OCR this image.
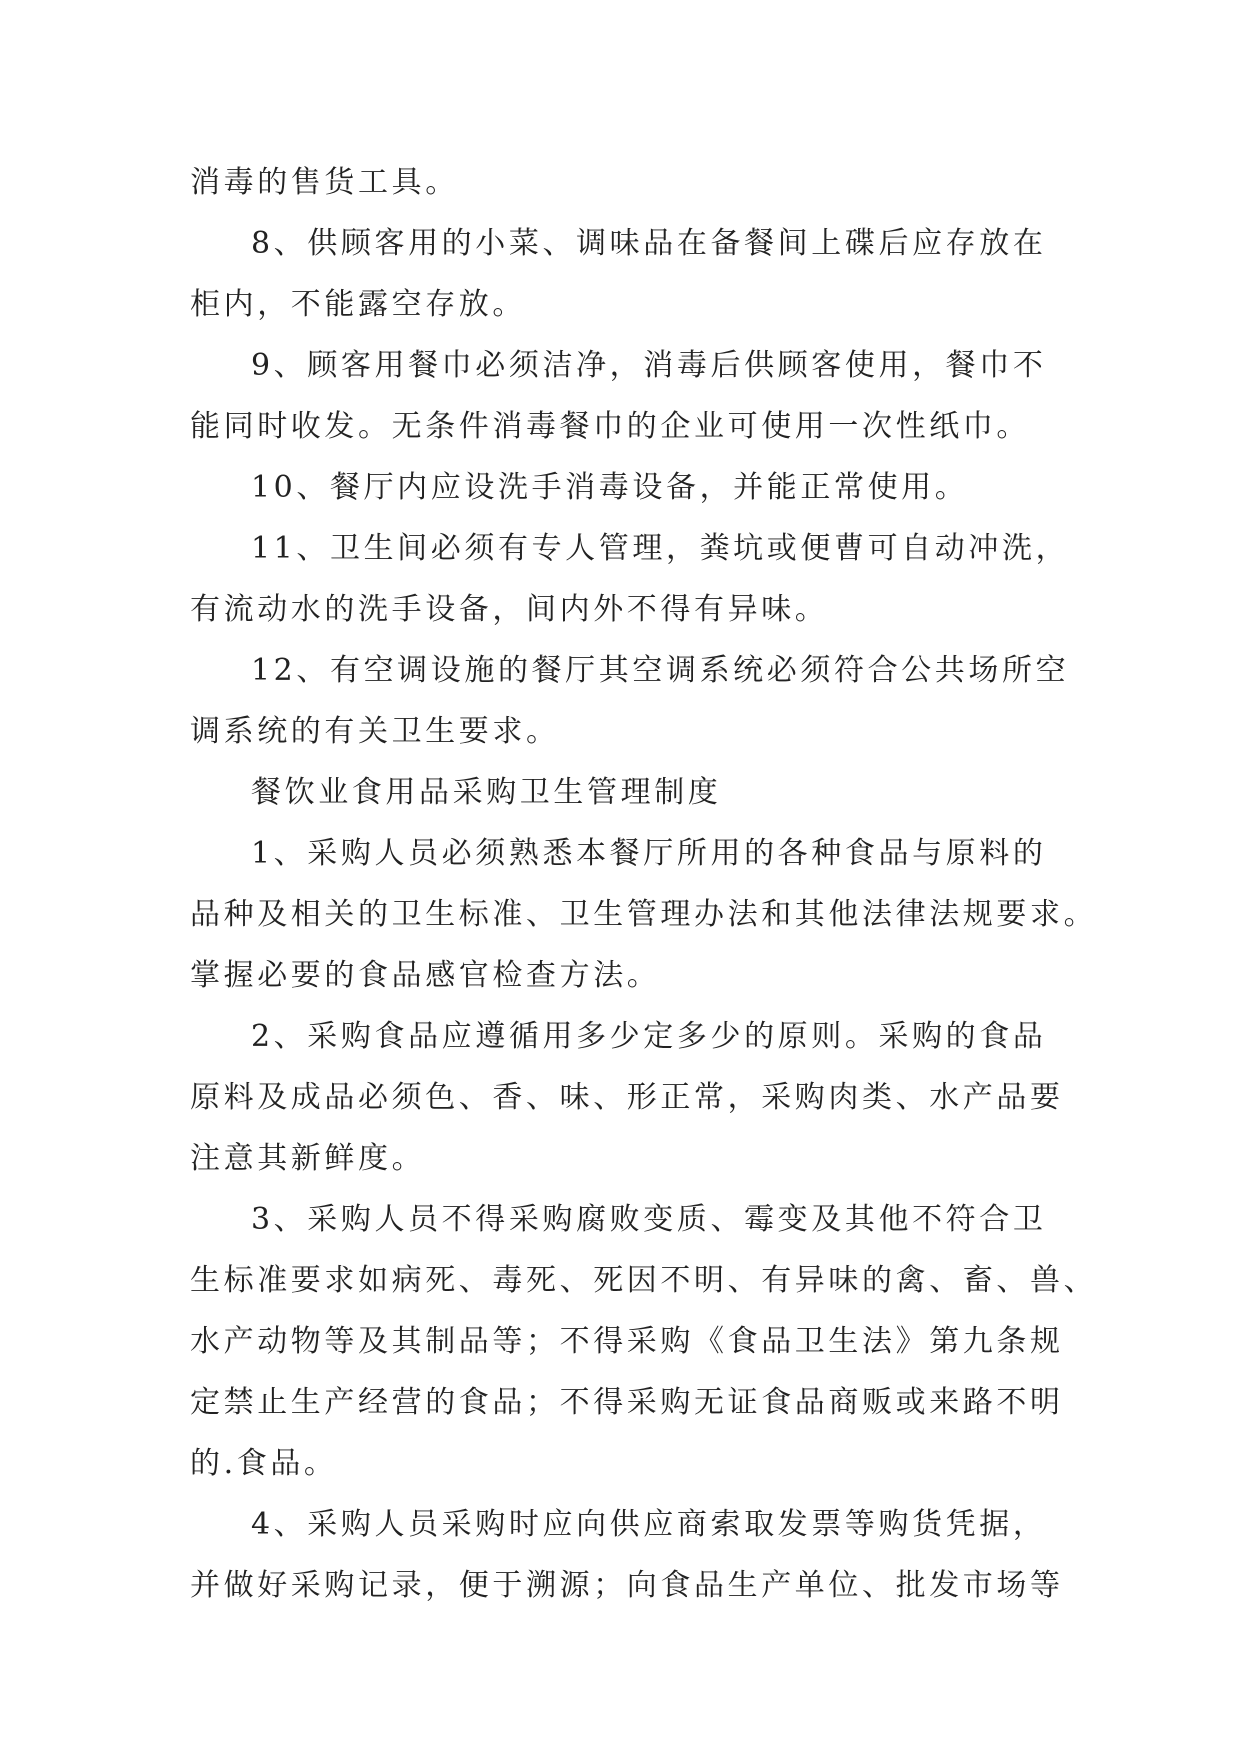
消毒的售货工具。
8、供顾客用的小菜、调味品在备餐间上碟后应存放在
柜内，不能露空存放。
9、顾客用餐巾必须洁净，消毒后供顾客使用，餐巾不
能同时收发。无条件消毒餐巾的企业可使用一次性纸巾。
10、餐厅内应设洗手消毒设备，并能正常使用。
11、卫生间必须有专人管理，粪坑或便曹可自动冲洗，
有流动水的洗手设备，间内外不得有异味。
12、有空调设施的餐厅其空调系统必须符合公共场所空
调系统的有关卫生要求。
餐饮业食用品采购卫生管理制度
1、采购人员必须熟悉本餐厅所用的各种食品与原料的
品种及相关的卫生标准、卫生管理办法和其他法律法规要求。
掌握必要的食品感官检查方法。
2、采购食品应遵循用多少定多少的原则。采购的食品
原料及成品必须色、香、味、形正常，采购肉类、水产品要
注意其新鲜度。
3、采购人员不得采购腐败变质、霉变及其他不符合卫
生标准要求如病死、毒死、死因不明、有异味的禽、畜、兽、
水产动物等及其制品等；不得采购《食品卫生法》第九条规
定禁止生产经营的食品；不得采购无证食品商贩或来路不明
的.食品。
4、采购人员采购时应向供应商索取发票等购货凭据，
并做好采购记录，便于溯源；向食品生产单位、批发市场等
